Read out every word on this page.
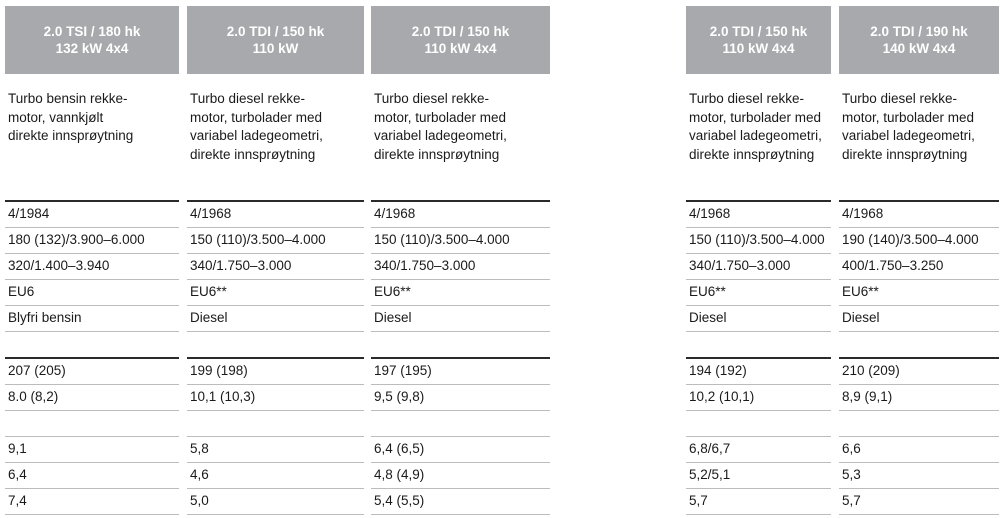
2.0 TSI / 180 hk
132 kW 4x4
Turbo bensin rekke-
motor, vannkjølt
direkte innsprøytning
4/1984
180 (132)/3.900–6.000
320/1.400–3.940
EU6
Blyfri bensin
207 (205)
8.0 (8,2)
9,1
6,4
7,4
2.0 TDI / 150 hk
110 kW
Turbo diesel rekke-
motor, turbolader med
variabel ladegeometri,
direkte innsprøytning
4/1968
150 (110)/3.500–4.000
340/1.750–3.000
EU6**
Diesel
199 (198)
10,1 (10,3)
5,8
4,6
5,0
2.0 TDI / 150 hk
110 kW 4x4
Turbo diesel rekke-
motor, turbolader med
variabel ladegeometri,
direkte innsprøytning
4/1968
150 (110)/3.500–4.000
340/1.750–3.000
EU6**
Diesel
197 (195)
9,5 (9,8)
6,4 (6,5)
4,8 (4,9)
5,4 (5,5)
2.0 TDI / 150 hk
110 kW 4x4
Turbo diesel rekke-
motor, turbolader med
variabel ladegeometri,
direkte innsprøytning
4/1968
150 (110)/3.500–4.000
340/1.750–3.000
EU6**
Diesel
194 (192)
10,2 (10,1)
6,8/6,7
5,2/5,1
5,7
2.0 TDI / 190 hk
140 kW 4x4
Turbo diesel rekke-
motor, turbolader med
variabel ladegeometri,
direkte innsprøytning
4/1968
190 (140)/3.500–4.000
400/1.750–3.250
EU6**
Diesel
210 (209)
8,9 (9,1)
6,6
5,3
5,7
